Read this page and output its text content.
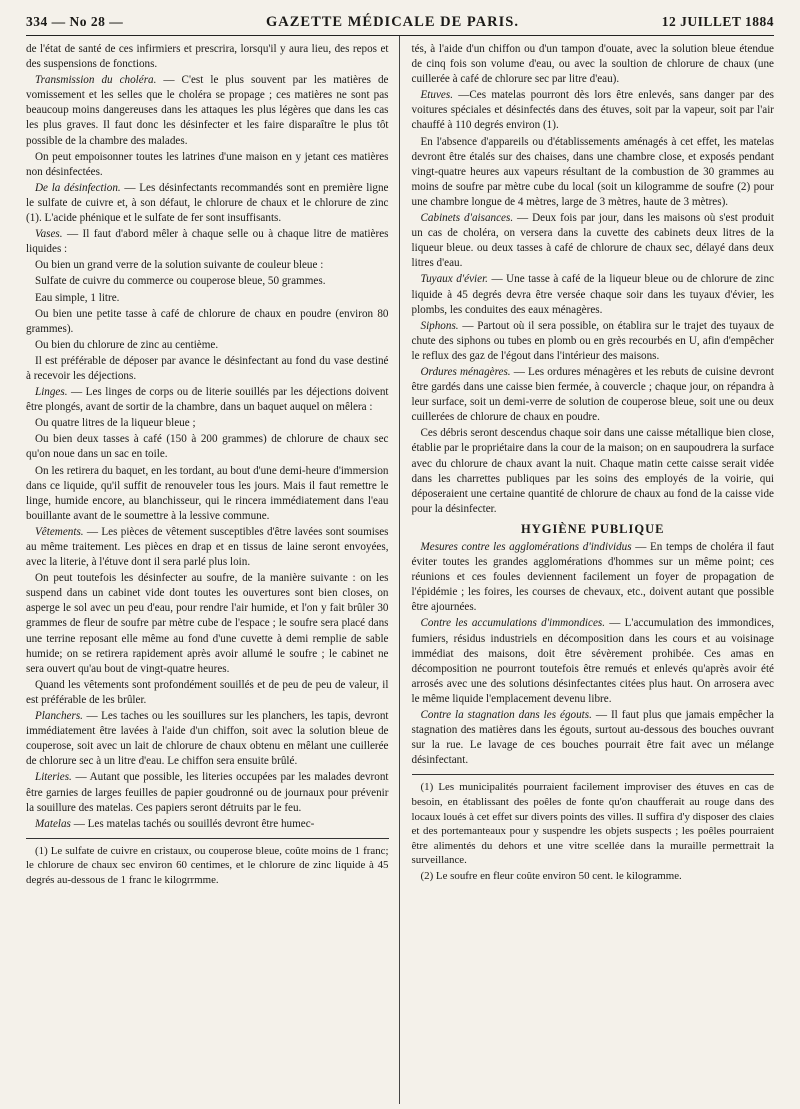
334 — No 28 —	GAZETTE MÉDICALE DE PARIS.	12 JUILLET 1884

de l'état de santé de ces infirmiers et prescrira, lorsqu'il y aura lieu, des repos et des suspensions de fonctions.

Transmission du choléra. — C'est le plus souvent par les matières de vomissement et les selles que le choléra se propage ; ces matières ne sont pas beaucoup moins dangereuses dans les attaques les plus légères que dans les cas les plus graves. Il faut donc les désinfecter et les faire disparaître le plus tôt possible de la chambre des malades.

On peut empoisonner toutes les latrines d'une maison en y jetant ces matières non désinfectées.

De la désinfection. — Les désinfectants recommandés sont en première ligne le sulfate de cuivre et, à son défaut, le chlorure de chaux et le chlorure de zinc (1). L'acide phénique et le sulfate de fer sont insuffisants.

Vases. — Il faut d'abord mêler à chaque selle ou à chaque litre de matières liquides :

Ou bien un grand verre de la solution suivante de couleur bleue :

Sulfate de cuivre du commerce ou couperose bleue, 50 grammes.

Eau simple, 1 litre.

Ou bien une petite tasse à café de chlorure de chaux en poudre (environ 80 grammes).

Ou bien du chlorure de zinc au centième.

Il est préférable de déposer par avance le désinfectant au fond du vase destiné à recevoir les déjections.

Linges. — Les linges de corps ou de literie souillés par les déjections doivent être plongés, avant de sortir de la chambre, dans un baquet auquel on mêlera :

Ou quatre litres de la liqueur bleue ;

Ou bien deux tasses à café (150 à 200 grammes) de chlorure de chaux sec qu'on noue dans un sac en toile.

On les retirera du baquet, en les tordant, au bout d'une demi-heure d'immersion dans ce liquide, qu'il suffit de renouveler tous les jours. Mais il faut remettre le linge, humide encore, au blanchisseur, qui le rincera immédiatement dans l'eau bouillante avant de le soumettre à la lessive commune.

Vêtements. — Les pièces de vêtement susceptibles d'être lavées sont soumises au même traitement. Les pièces en drap et en tissus de laine seront envoyées, avec la literie, à l'étuve dont il sera parlé plus loin.

On peut toutefois les désinfecter au soufre, de la manière suivante : on les suspend dans un cabinet vide dont toutes les ouvertures sont bien closes, on asperge le sol avec un peu d'eau, pour rendre l'air humide, et l'on y fait brûler 30 grammes de fleur de soufre par mètre cube de l'espace ; le soufre sera placé dans une terrine reposant elle même au fond d'une cuvette à demi remplie de sable humide; on se retirera rapidement après avoir allumé le soufre ; le cabinet ne sera ouvert qu'au bout de vingt-quatre heures.

Quand les vêtements sont profondément souillés et de peu de peu de valeur, il est préférable de les brûler.

Planchers. — Les taches ou les souillures sur les planchers, les tapis, devront immédiatement être lavées à l'aide d'un chiffon, soit avec la solution bleue de couperose, soit avec un lait de chlorure de chaux obtenu en mêlant une cuillerée de chlorure sec à un litre d'eau. Le chiffon sera ensuite brûlé.

Literies. — Autant que possible, les literies occupées par les malades devront être garnies de larges feuilles de papier goudronné ou de journaux pour prévenir la souillure des matelas. Ces papiers seront détruits par le feu.

Matelas — Les matelas tachés ou souillés devront être humec-

(1) Le sulfate de cuivre en cristaux, ou couperose bleue, coûte moins de 1 franc; le chlorure de chaux sec environ 60 centimes, et le chlorure de zinc liquide à 45 degrés au-dessous de 1 franc le kilogrrmme.

tés, à l'aide d'un chiffon ou d'un tampon d'ouate, avec la solution bleue étendue de cinq fois son volume d'eau, ou avec la soultion de chlorure de chaux (une cuillerée à café de chlorure sec par litre d'eau).

Etuves. —Ces matelas pourront dès lors être enlevés, sans danger par des voitures spéciales et désinfectés dans des étuves, soit par la vapeur, soit par l'air chauffé à 110 degrés environ (1).

En l'absence d'appareils ou d'établissements aménagés à cet effet, les matelas devront être étalés sur des chaises, dans une chambre close, et exposés pendant vingt-quatre heures aux vapeurs résultant de la combustion de 30 grammes au moins de soufre par mètre cube du local (soit un kilogramme de soufre (2) pour une chambre longue de 4 mètres, large de 3 mètres, haute de 3 mètres).

Cabinets d'aisances. — Deux fois par jour, dans les maisons où s'est produit un cas de choléra, on versera dans la cuvette des cabinets deux litres de la liqueur bleue. ou deux tasses à café de chlorure de chaux sec, délayé dans deux litres d'eau.

Tuyaux d'évier. — Une tasse à café de la liqueur bleue ou de chlorure de zinc liquide à 45 degrés devra être versée chaque soir dans les tuyaux d'évier, les plombs, les conduites des eaux ménagères.

Siphons. — Partout où il sera possible, on établira sur le trajet des tuyaux de chute des siphons ou tubes en plomb ou en grès recourbés en U, afin d'empêcher le reflux des gaz de l'égout dans l'intérieur des maisons.

Ordures ménagères. — Les ordures ménagères et les rebuts de cuisine devront être gardés dans une caisse bien fermée, à couvercle ; chaque jour, on répandra à leur surface, soit un demi-verre de solution de couperose bleue, soit une ou deux cuillerées de chlorure de chaux en poudre.

Ces débris seront descendus chaque soir dans une caisse métallique bien close, établie par le propriétaire dans la cour de la maison; on en saupoudrera la surface avec du chlorure de chaux avant la nuit. Chaque matin cette caisse serait vidée dans les charrettes publiques par les soins des employés de la voirie, qui déposeraient une certaine quantité de chlorure de chaux au fond de la caisse vide pour la désinfecter.

HYGIÈNE PUBLIQUE

Mesures contre les agglomérations d'individus — En temps de choléra il faut éviter toutes les grandes agglomérations d'hommes sur un même point; ces réunions et ces foules deviennent facilement un foyer de propagation de l'épidémie ; les foires, les courses de chevaux, etc., doivent autant que possible être ajournées.

Contre les accumulations d'immondices. — L'accumulation des immondices, fumiers, résidus industriels en décomposition dans les cours et au voisinage immédiat des maisons, doit être sévèrement prohibée. Ces amas en décomposition ne pourront toutefois être remués et enlevés qu'après avoir été arrosés avec une des solutions désinfectantes citées plus haut. On arrosera avec le même liquide l'emplacement devenu libre.

Contre la stagnation dans les égouts. — Il faut plus que jamais empêcher la stagnation des matières dans les égouts, surtout au-dessous des bouches ouvrant sur la rue. Le lavage de ces bouches pourrait être fait avec un mélange désinfectant.

(1) Les municipalités pourraient facilement improviser des étuves en cas de besoin, en établissant des poêles de fonte qu'on chaufferait au rouge dans des locaux loués à cet effet sur divers points des villes. Il suffira d'y disposer des claies et des portemanteaux pour y suspendre les objets suspects ; les poêles pourraient être alimentés du dehors et une vitre scellée dans la muraille permettrait la surveillance.

(2) Le soufre en fleur coûte environ 50 cent. le kilogramme.
